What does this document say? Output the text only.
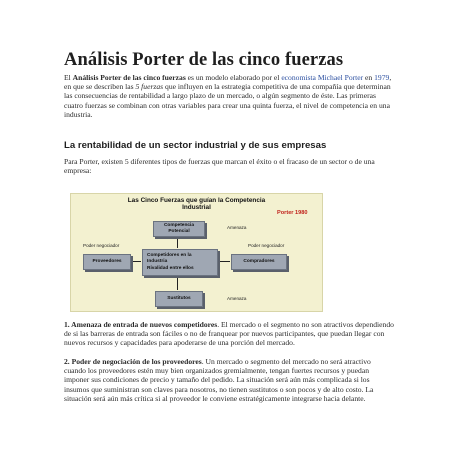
Análisis Porter de las cinco fuerzas

El Análisis Porter de las cinco fuerzas es un modelo elaborado por el economista Michael Porter en 1979, en que se describen las 5 fuerzas que influyen en la estrategia competitiva de una compañía que determinan las consecuencias de rentabilidad a largo plazo de un mercado, o algún segmento de éste. Las primeras cuatro fuerzas se combinan con otras variables para crear una quinta fuerza, el nivel de competencia en una industria.

La rentabilidad de un sector industrial y de sus empresas

Para Porter, existen 5 diferentes tipos de fuerzas que marcan el éxito o el fracaso de un sector o de una empresa:

Las Cinco Fuerzas que guían la Competencia
Industrial
Porter 1980
Competencia
Potencial
Amenaza
Poder negociador	Poder negociador
Proveedores
Competidores en la
Industria
Rivalidad entre ellos
Compradores
Sustitutos	Amenaza

1. Amenaza de entrada de nuevos competidores. El mercado o el segmento no son atractivos dependiendo de si las barreras de entrada son fáciles o no de franquear por nuevos participantes, que puedan llegar con nuevos recursos y capacidades para apoderarse de una porción del mercado.

2. Poder de negociación de los proveedores. Un mercado o segmento del mercado no será atractivo cuando los proveedores estén muy bien organizados gremialmente, tengan fuertes recursos y puedan imponer sus condiciones de precio y tamaño del pedido. La situación será aún más complicada si los insumos que suministran son claves para nosotros, no tienen sustitutos o son pocos y de alto costo. La situación será aún más crítica si al proveedor le conviene estratégicamente integrarse hacia delante.
